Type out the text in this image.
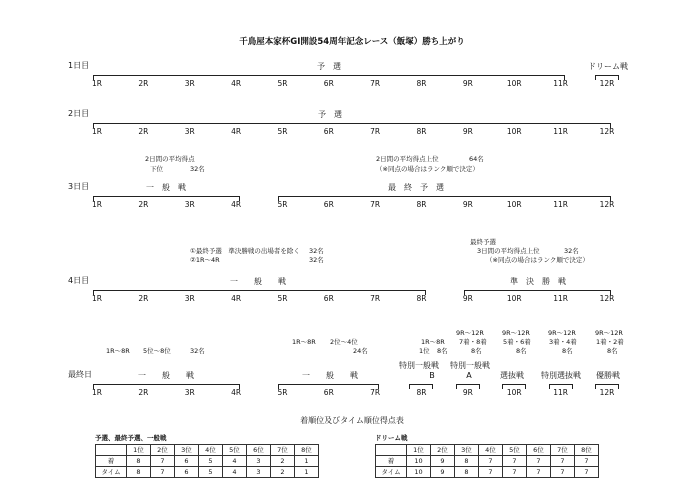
千鳥屋本家杯GⅠ開設54周年記念レース（飯塚）勝ち上がり
1日目	予　選	ドリーム戦
1R	2R	3R	4R	5R	6R	7R	8R	9R	10R	11R	12R
2日目	予　選
1R	2R	3R	4R	5R	6R	7R	8R	9R	10R	11R	12R
2日間の平均得点
下位	32名
2日間の平均得点上位	64名
（※同点の場合はランク順で決定）
3日目	一　般　戦	最　終　予　選
1R	2R	3R	4R	5R	6R	7R	8R	9R	10R	11R	12R
①最終予選　準決勝戦の出場者を除く 32名
②1R～4R	32名
最終予選
3日間の平均得点上位	32名
（※同点の場合はランク順で決定）
4日目	一　　般　　戦	準　決　勝　戦
1R	2R	3R	4R	5R	6R	7R	8R	9R	10R	11R	12R
1R～8R 5位～8位	32名
1R～8R 2位～4位
24名
1R～8R
1位 8名
9R～12R
7着・8着
8名
9R～12R
5着・6着
8名
9R～12R
3着・4着
8名
9R～12R
1着・2着
8名
最終日	一　　般　　戦	一　　般　　戦
特別一般戦
B
特別一般戦
A	選抜戦 特別選抜戦 優勝戦
1R	2R	3R	4R	5R	6R	7R	8R	9R	10R	11R	12R
着順位及びタイム順位得点表
予選、最終予選、一般戦
	1位	2位	3位	4位	5位	6位	7位	8位
着	8	7	6	5	4	3	2	1
タイム	8	7	6	5	4	3	2	1
ドリーム戦
	1位	2位	3位	4位	5位	6位	7位	8位
着	10	9	8	7	7	7	7	7
タイム	10	9	8	7	7	7	7	7
